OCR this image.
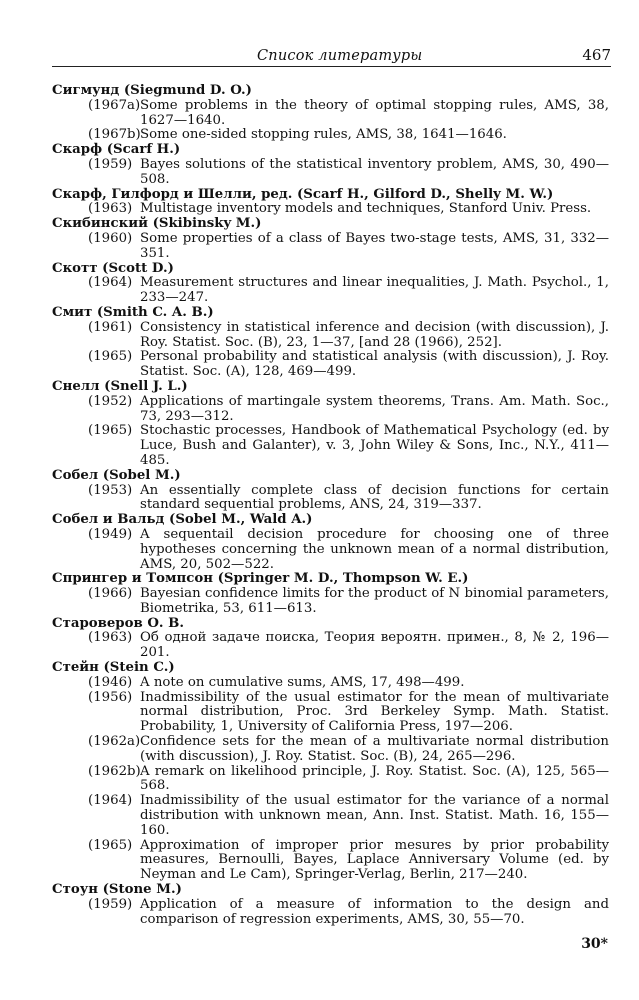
Список литературы	467
Сигмунд (Siegmund D. O.)
(1967a) Some problems in the theory of optimal stopping rules, AMS, 38, 1627—1640.
(1967b) Some one-sided stopping rules, AMS, 38, 1641—1646.
Скарф (Scarf H.)
(1959) Bayes solutions of the statistical inventory problem, AMS, 30, 490—508.
Скарф, Гилфорд и Шелли, ред. (Scarf H., Gilford D., Shelly M. W.)
(1963) Multistage inventory models and techniques, Stanford Univ. Press.
Скибинский (Skibinsky M.)
(1960) Some properties of a class of Bayes two-stage tests, AMS, 31, 332—351.
Скотт (Scott D.)
(1964) Measurement structures and linear inequalities, J. Math. Psychol., 1, 233—247.
Смит (Smith C. A. B.)
(1961) Consistency in statistical inference and decision (with discussion), J. Roy. Statist. Soc. (B), 23, 1—37, [and 28 (1966), 252].
(1965) Personal probability and statistical analysis (with discussion), J. Roy. Statist. Soc. (A), 128, 469—499.
Снелл (Snell J. L.)
(1952) Applications of martingale system theorems, Trans. Am. Math. Soc., 73, 293—312.
(1965) Stochastic processes, Handbook of Mathematical Psychology (ed. by Luce, Bush and Galanter), v. 3, John Wiley & Sons, Inc., N.Y., 411—485.
Собел (Sobel M.)
(1953) An essentially complete class of decision functions for certain standard sequential problems, ANS, 24, 319—337.
Собел и Вальд (Sobel M., Wald A.)
(1949) A sequentail decision procedure for choosing one of three hypotheses concerning the unknown mean of a normal distribution, AMS, 20, 502—522.
Спрингер и Томпсон (Springer M. D., Thompson W. E.)
(1966) Bayesian confidence limits for the product of N binomial parameters, Biometrika, 53, 611—613.
Староверов О. В.
(1963) Об одной задаче поиска, Теория вероятн. примен., 8, № 2, 196—201.
Стейн (Stein C.)
(1946) A note on cumulative sums, AMS, 17, 498—499.
(1956) Inadmissibility of the usual estimator for the mean of multivariate normal distribution, Proc. 3rd Berkeley Symp. Math. Statist. Probability, 1, University of California Press, 197—206.
(1962a) Confidence sets for the mean of a multivariate normal distribution (with discussion), J. Roy. Statist. Soc. (B), 24, 265—296.
(1962b) A remark on likelihood principle, J. Roy. Statist. Soc. (A), 125, 565—568.
(1964) Inadmissibility of the usual estimator for the variance of a normal distribution with unknown mean, Ann. Inst. Statist. Math. 16, 155—160.
(1965) Approximation of improper prior mesures by prior probability measures, Bernoulli, Bayes, Laplace Anniversary Volume (ed. by Neyman and Le Cam), Springer-Verlag, Berlin, 217—240.
Стоун (Stone M.)
(1959) Application of a measure of information to the design and comparison of regression experiments, AMS, 30, 55—70.
30*
